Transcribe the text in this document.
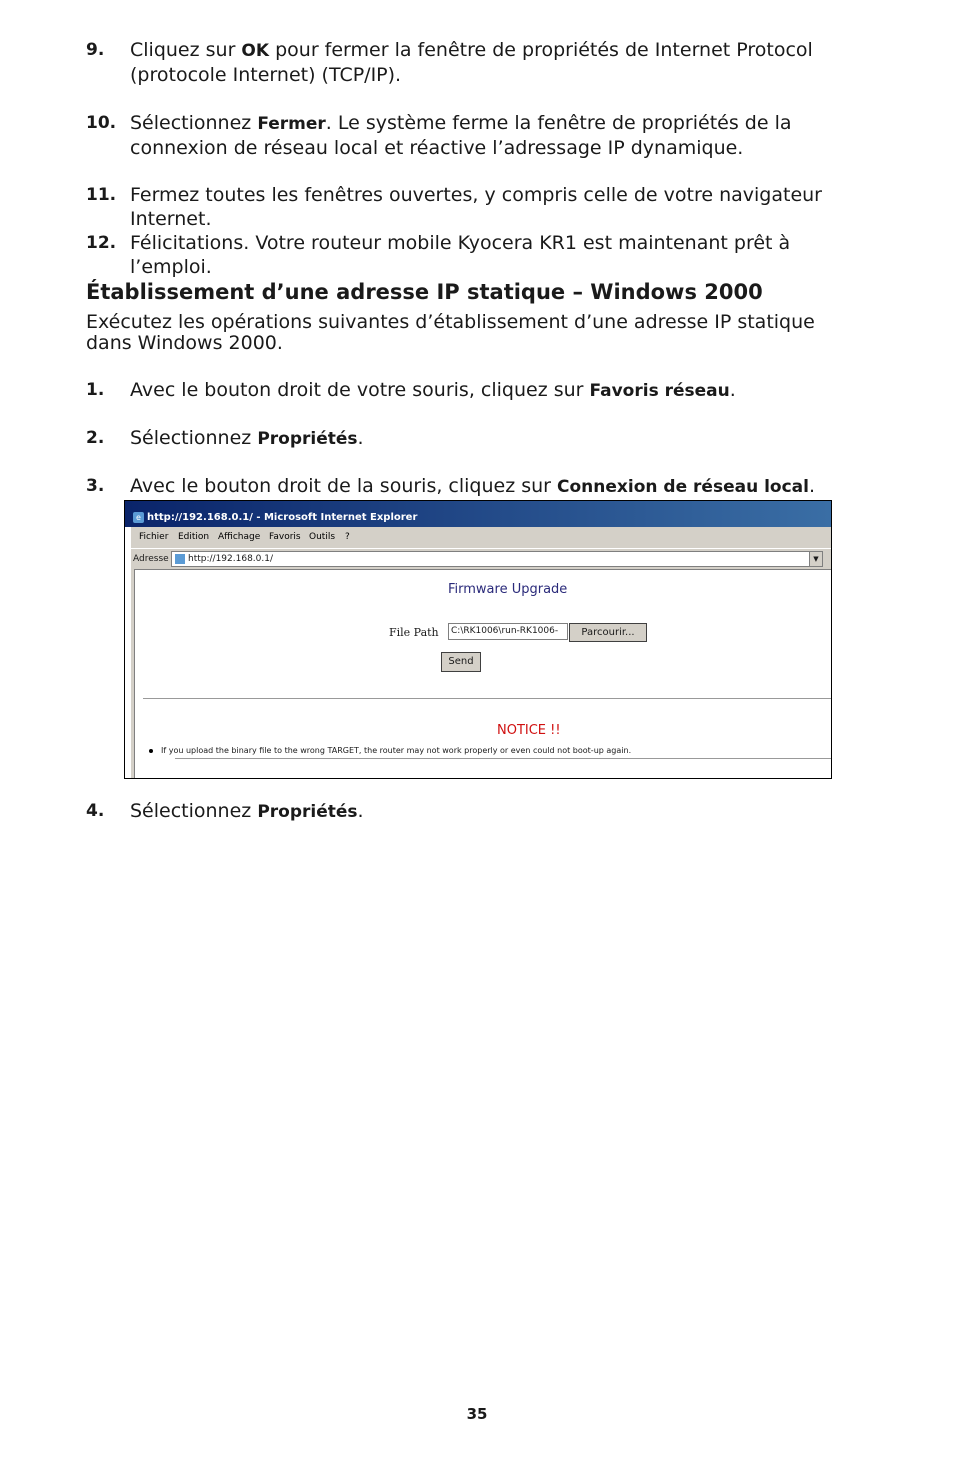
9. Cliquez sur OK pour fermer la fenêtre de propriétés de Internet Protocol (protocole Internet) (TCP/IP).
10. Sélectionnez Fermer. Le système ferme la fenêtre de propriétés de la connexion de réseau local et réactive l’adressage IP dynamique.
11. Fermez toutes les fenêtres ouvertes, y compris celle de votre navigateur Internet.
12. Félicitations. Votre routeur mobile Kyocera KR1 est maintenant prêt à l’emploi.
Établissement d’une adresse IP statique – Windows 2000
Exécutez les opérations suivantes d’établissement d’une adresse IP statique dans Windows 2000.
1. Avec le bouton droit de votre souris, cliquez sur Favoris réseau.
2. Sélectionnez Propriétés.
3. Avec le bouton droit de la souris, cliquez sur Connexion de réseau local.
e http://192.168.0.1/ - Microsoft Internet Explorer
Fichier Edition Affichage Favoris Outils ?
Adresse	http://192.168.0.1/	▼
Firmware Upgrade
File Path	C:\RK1006\run-RK1006-	Parcourir...
Send
NOTICE !!
If you upload the binary file to the wrong TARGET, the router may not work properly or even could not boot-up again.
4. Sélectionnez Propriétés.
35
